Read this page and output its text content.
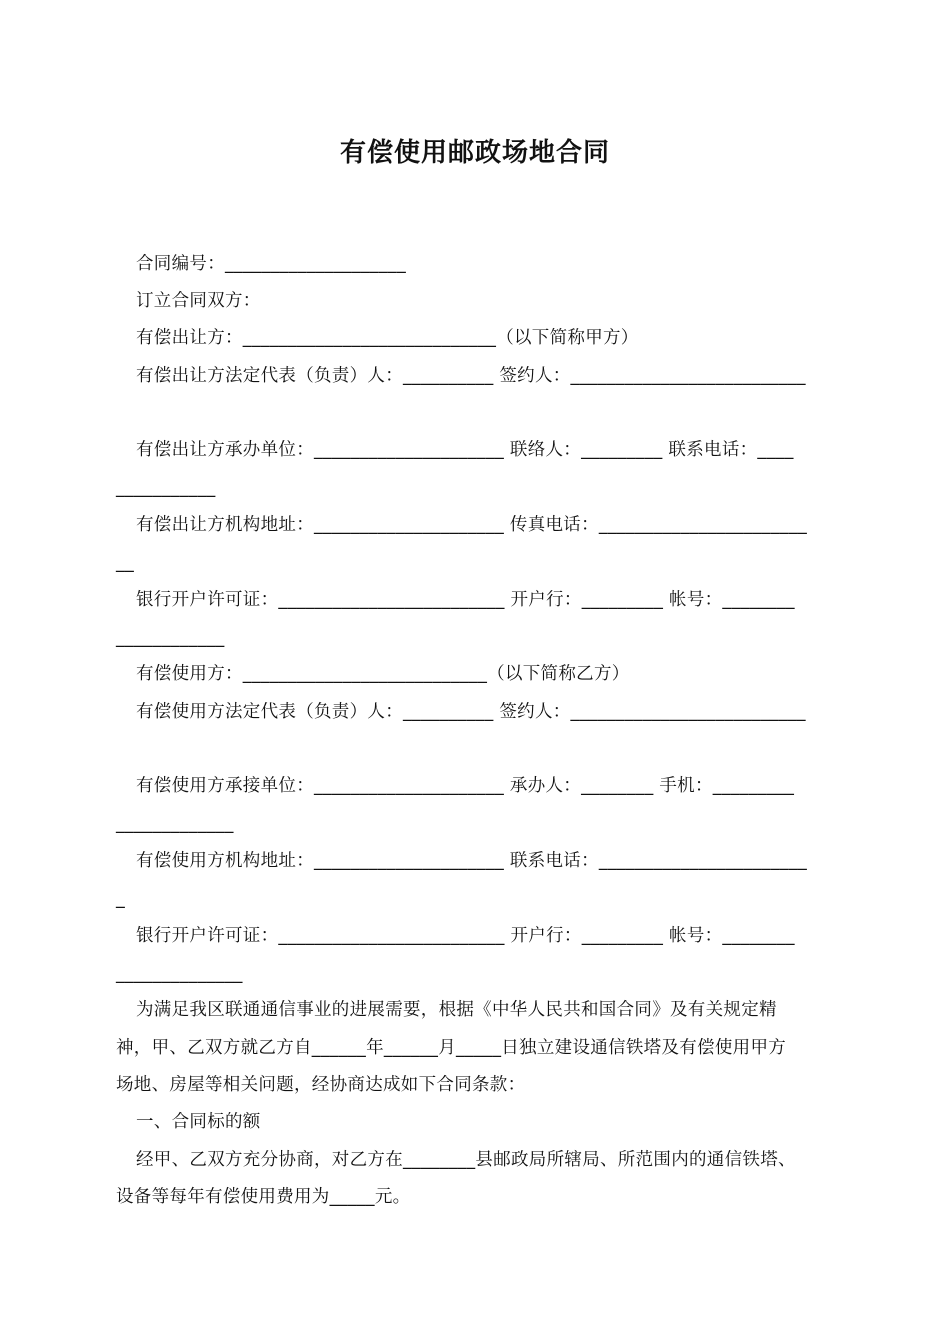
有偿使用邮政场地合同
合同编号：____________________
订立合同双方：
有偿出让方：____________________________（以下简称甲方）
有偿出让方法定代表（负责）人：__________ 签约人：__________________________
有偿出让方承办单位：_____________________ 联络人：_________ 联系电话：____
___________
有偿出让方机构地址：_____________________ 传真电话：_______________________
__
银行开户许可证：_________________________ 开户行：_________ 帐号：________
____________
有偿使用方：___________________________（以下简称乙方）
有偿使用方法定代表（负责）人：__________ 签约人：__________________________
有偿使用方承接单位：_____________________ 承办人：________ 手机：_________
_____________
有偿使用方机构地址：_____________________ 联系电话：_______________________
_
银行开户许可证：_________________________ 开户行：_________ 帐号：________
______________
为满足我区联通通信事业的进展需要，根据《中华人民共和国合同》及有关规定精
神，甲、乙双方就乙方自______年______月_____日独立建设通信铁塔及有偿使用甲方
场地、房屋等相关问题，经协商达成如下合同条款：
一、合同标的额
经甲、乙双方充分协商，对乙方在________县邮政局所辖局、所范围内的通信铁塔、
设备等每年有偿使用费用为_____元。
